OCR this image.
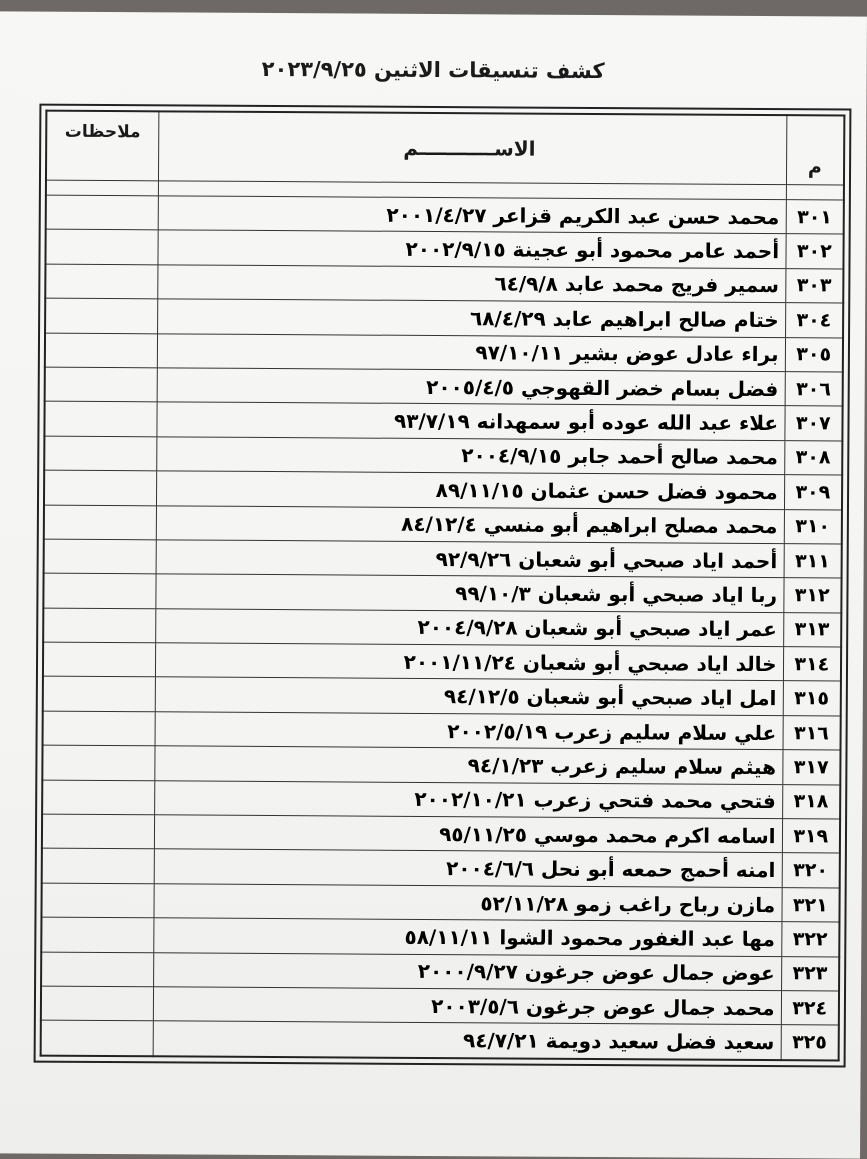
كشف تنسيقات الاثنين ٢٠٢٣/٩/٢٥
م	الاســـــــــــم	ملاحظات

٣٠١	محمد حسن عبد الكريم قزاعر ٢٠٠١/٤/٢٧	
٣٠٢	أحمد عامر محمود أبو عجينة ٢٠٠٢/٩/١٥	
٣٠٣	سمير فريج محمد عابد ٦٤/٩/٨	
٣٠٤	ختام صالح ابراهيم عابد ٦٨/٤/٢٩	
٣٠٥	براء عادل عوض بشير ٩٧/١٠/١١	
٣٠٦	فضل بسام خضر القهوجي ٢٠٠٥/٤/٥	
٣٠٧	علاء عبد الله عوده أبو سمهدانه ٩٣/٧/١٩	
٣٠٨	محمد صالح أحمد جابر ٢٠٠٤/٩/١٥	
٣٠٩	محمود فضل حسن عثمان ٨٩/١١/١٥	
٣١٠	محمد مصلح ابراهيم أبو منسي ٨٤/١٢/٤	
٣١١	أحمد اياد صبحي أبو شعبان ٩٢/٩/٢٦	
٣١٢	ربا اياد صبحي أبو شعبان ٩٩/١٠/٣	
٣١٣	عمر اياد صبحي أبو شعبان ٢٠٠٤/٩/٢٨	
٣١٤	خالد اياد صبحي أبو شعبان ٢٠٠١/١١/٢٤	
٣١٥	امل اياد صبحي أبو شعبان ٩٤/١٢/٥	
٣١٦	علي سلام سليم زعرب ٢٠٠٢/٥/١٩	
٣١٧	هيثم سلام سليم زعرب ٩٤/١/٢٣	
٣١٨	فتحي محمد فتحي زعرب ٢٠٠٢/١٠/٢١	
٣١٩	اسامه اكرم محمد موسي ٩٥/١١/٢٥	
٣٢٠	امنه أحمج حمعه أبو نحل ٢٠٠٤/٦/٦	
٣٢١	مازن رباح راغب زمو ٥٢/١١/٢٨	
٣٢٢	مها عبد الغفور محمود الشوا ٥٨/١١/١١	
٣٢٣	عوض جمال عوض جرغون ٢٠٠٠/٩/٢٧	
٣٢٤	محمد جمال عوض جرغون ٢٠٠٣/٥/٦	
٣٢٥	سعيد فضل سعيد دويمة ٩٤/٧/٢١	
